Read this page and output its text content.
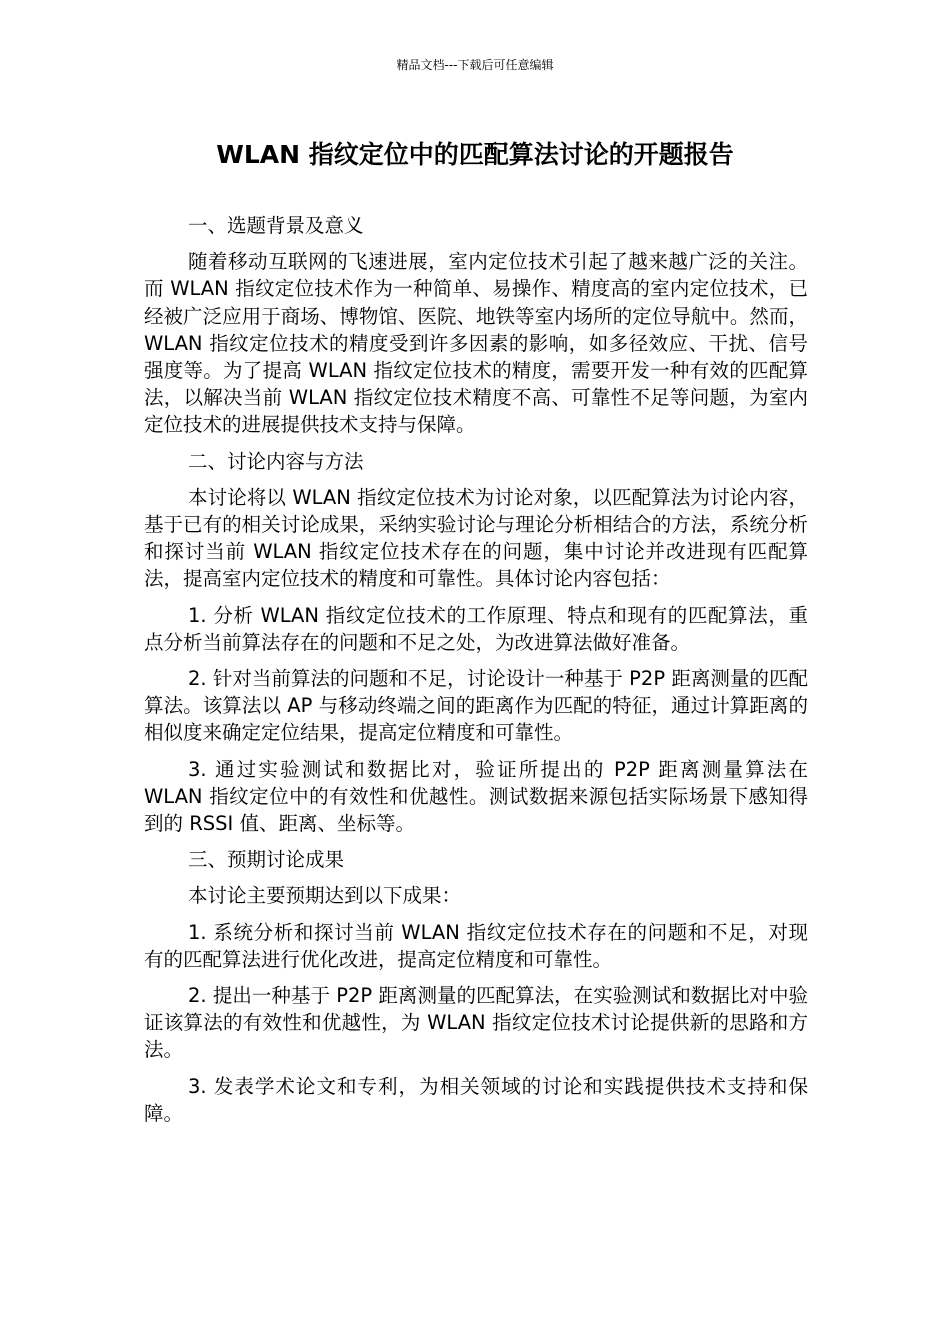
精品文档---下载后可任意编辑
WLAN 指纹定位中的匹配算法讨论的开题报告

一、选题背景及意义

随着移动互联网的飞速进展，室内定位技术引起了越来越广泛的关注。而 WLAN 指纹定位技术作为一种简单、易操作、精度高的室内定位技术，已经被广泛应用于商场、博物馆、医院、地铁等室内场所的定位导航中。然而，WLAN 指纹定位技术的精度受到许多因素的影响，如多径效应、干扰、信号强度等。为了提高 WLAN 指纹定位技术的精度，需要开发一种有效的匹配算法，以解决当前 WLAN 指纹定位技术精度不高、可靠性不足等问题，为室内定位技术的进展提供技术支持与保障。

二、讨论内容与方法

本讨论将以 WLAN 指纹定位技术为讨论对象，以匹配算法为讨论内容，基于已有的相关讨论成果，采纳实验讨论与理论分析相结合的方法，系统分析和探讨当前 WLAN 指纹定位技术存在的问题，集中讨论并改进现有匹配算法，提高室内定位技术的精度和可靠性。具体讨论内容包括：

1. 分析 WLAN 指纹定位技术的工作原理、特点和现有的匹配算法，重点分析当前算法存在的问题和不足之处，为改进算法做好准备。

2. 针对当前算法的问题和不足，讨论设计一种基于 P2P 距离测量的匹配算法。该算法以 AP 与移动终端之间的距离作为匹配的特征，通过计算距离的相似度来确定定位结果，提高定位精度和可靠性。

3. 通过实验测试和数据比对，验证所提出的 P2P 距离测量算法在 WLAN 指纹定位中的有效性和优越性。测试数据来源包括实际场景下感知得到的 RSSI 值、距离、坐标等。

三、预期讨论成果

本讨论主要预期达到以下成果：

1. 系统分析和探讨当前 WLAN 指纹定位技术存在的问题和不足，对现有的匹配算法进行优化改进，提高定位精度和可靠性。

2. 提出一种基于 P2P 距离测量的匹配算法，在实验测试和数据比对中验证该算法的有效性和优越性，为 WLAN 指纹定位技术讨论提供新的思路和方法。

3. 发表学术论文和专利，为相关领域的讨论和实践提供技术支持和保障。
